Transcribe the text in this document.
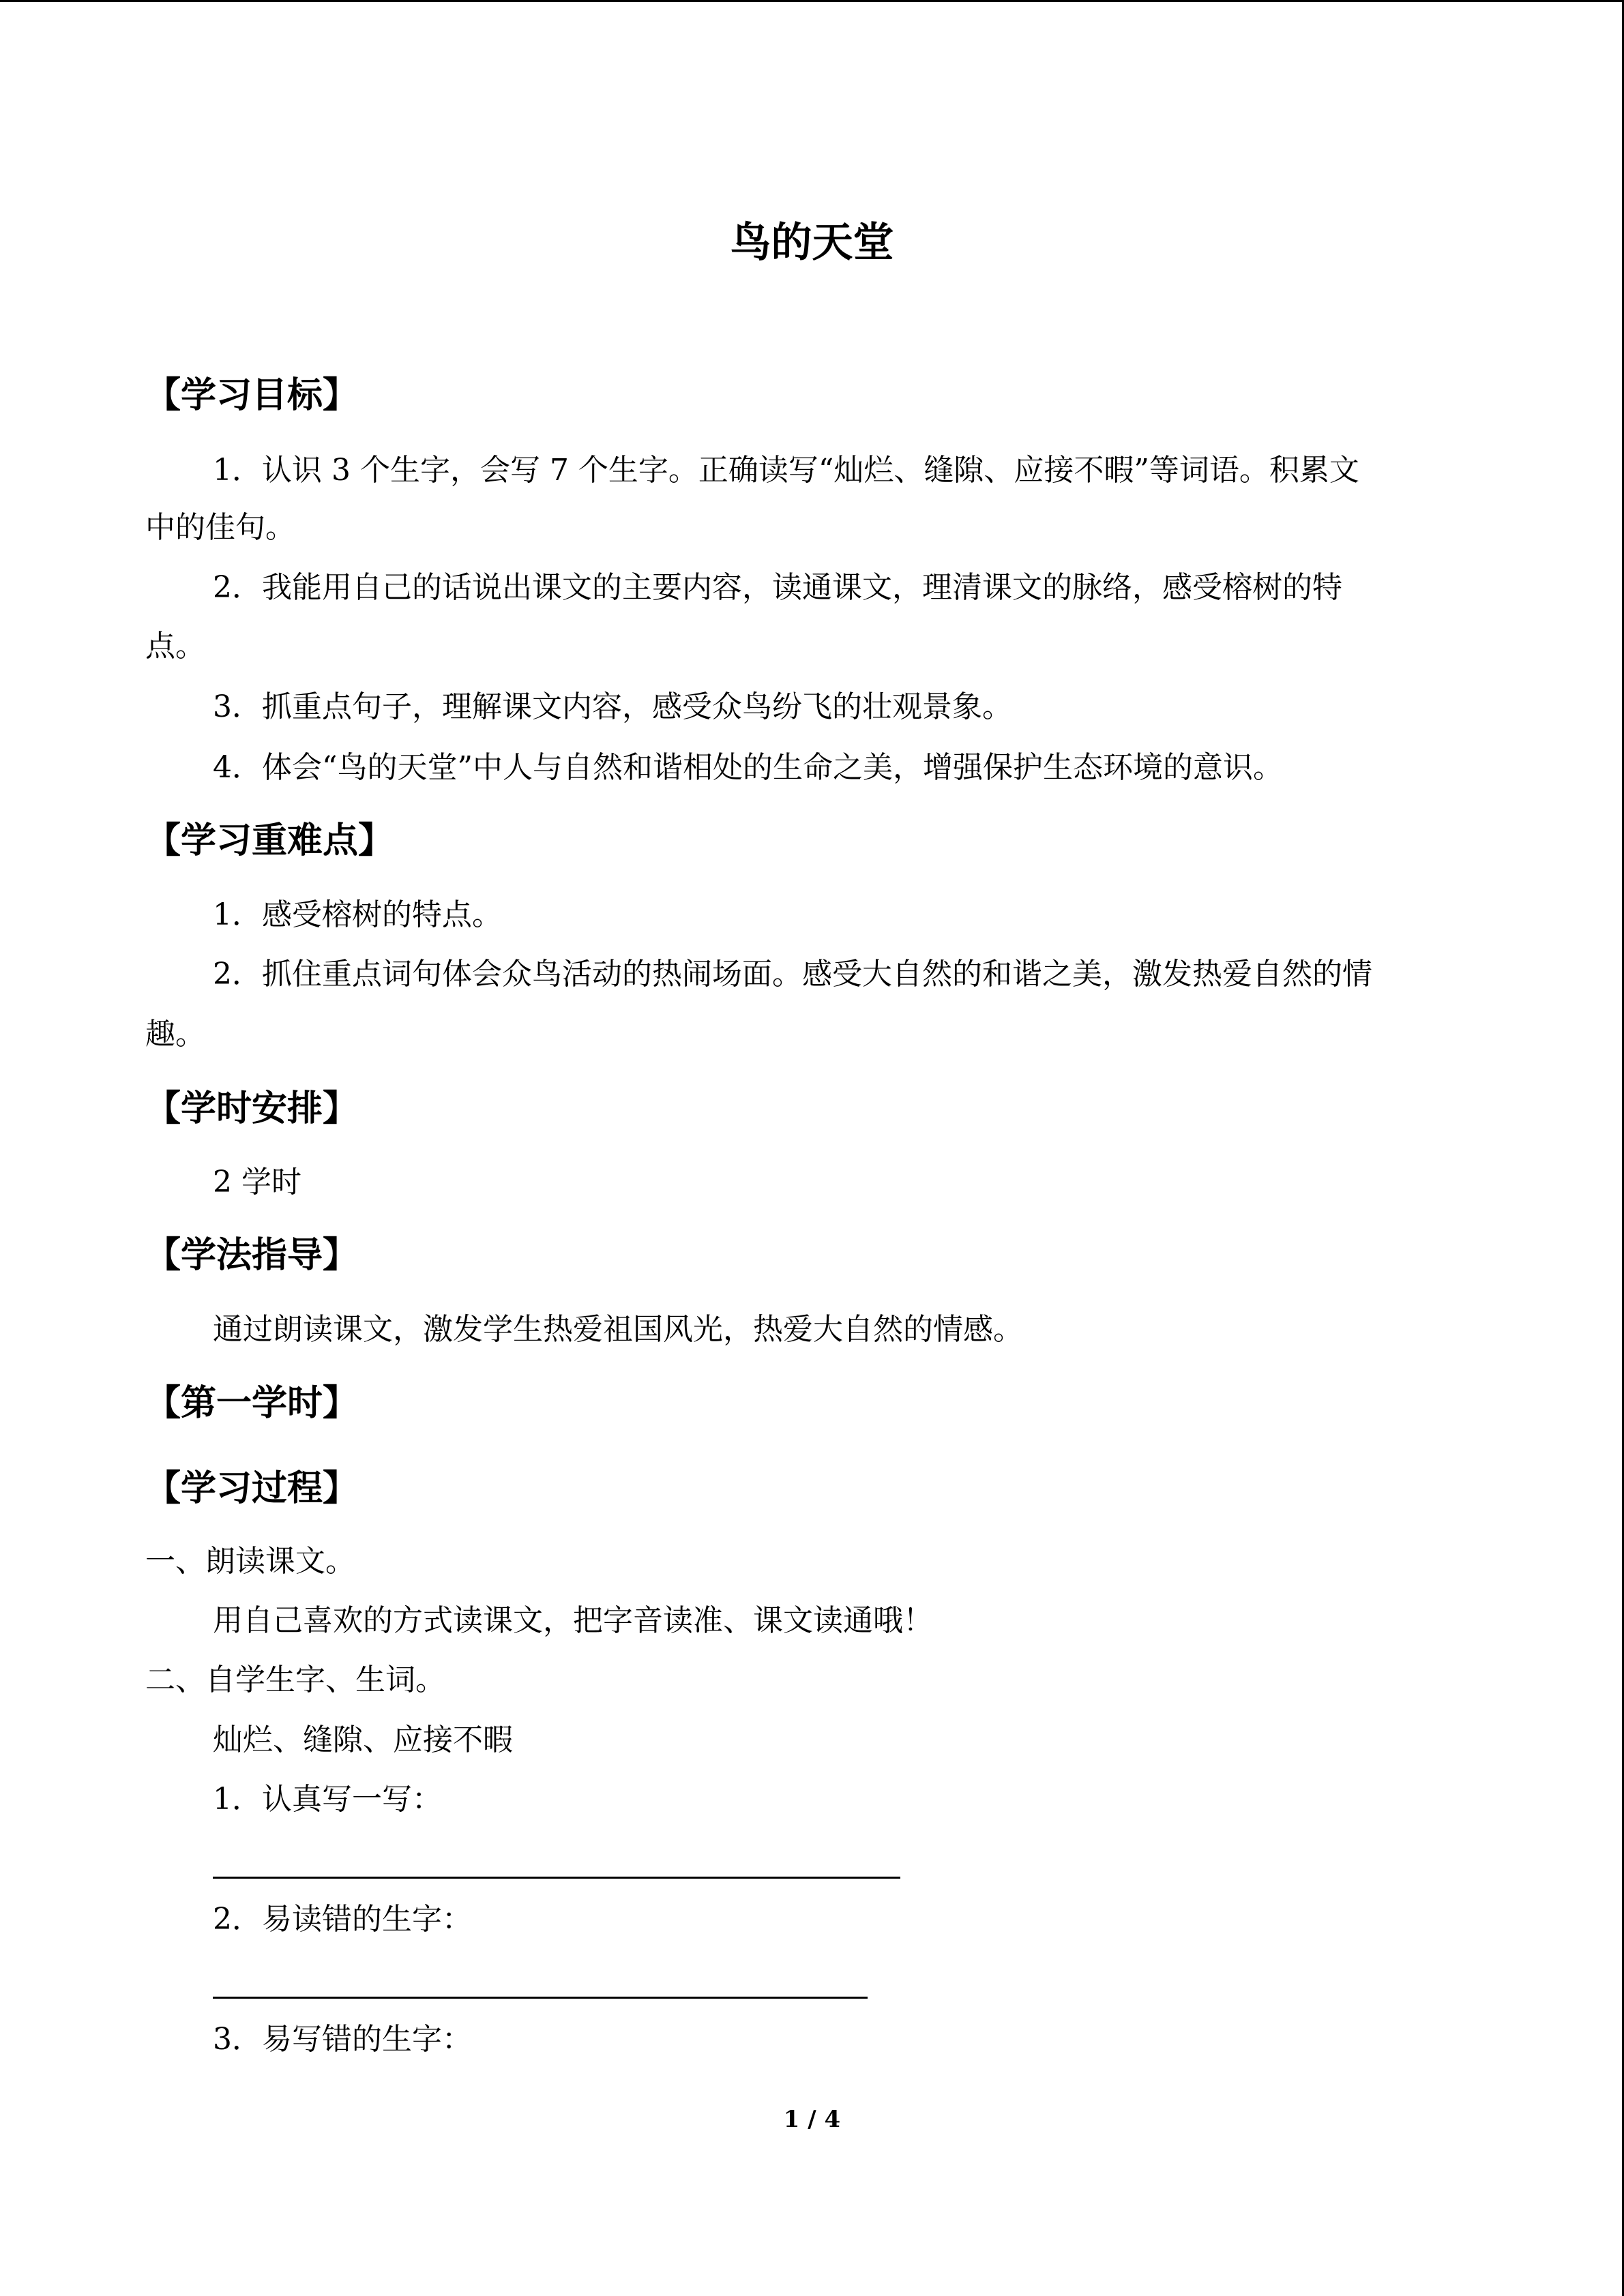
鸟的天堂
【学习目标】
1．认识 3 个生字，会写 7 个生字。正确读写“灿烂、缝隙、应接不暇”等词语。积累文
中的佳句。
2．我能用自己的话说出课文的主要内容，读通课文，理清课文的脉络，感受榕树的特
点。
3．抓重点句子，理解课文内容，感受众鸟纷飞的壮观景象。
4．体会“鸟的天堂”中人与自然和谐相处的生命之美，增强保护生态环境的意识。
【学习重难点】
1．感受榕树的特点。
2．抓住重点词句体会众鸟活动的热闹场面。感受大自然的和谐之美，激发热爱自然的情
趣。
【学时安排】
2 学时
【学法指导】
通过朗读课文，激发学生热爱祖国风光，热爱大自然的情感。
【第一学时】
【学习过程】
一、朗读课文。
用自己喜欢的方式读课文，把字音读准、课文读通哦！
二、自学生字、生词。
灿烂、缝隙、应接不暇
1．认真写一写：
2．易读错的生字：
3．易写错的生字：
1 / 4
